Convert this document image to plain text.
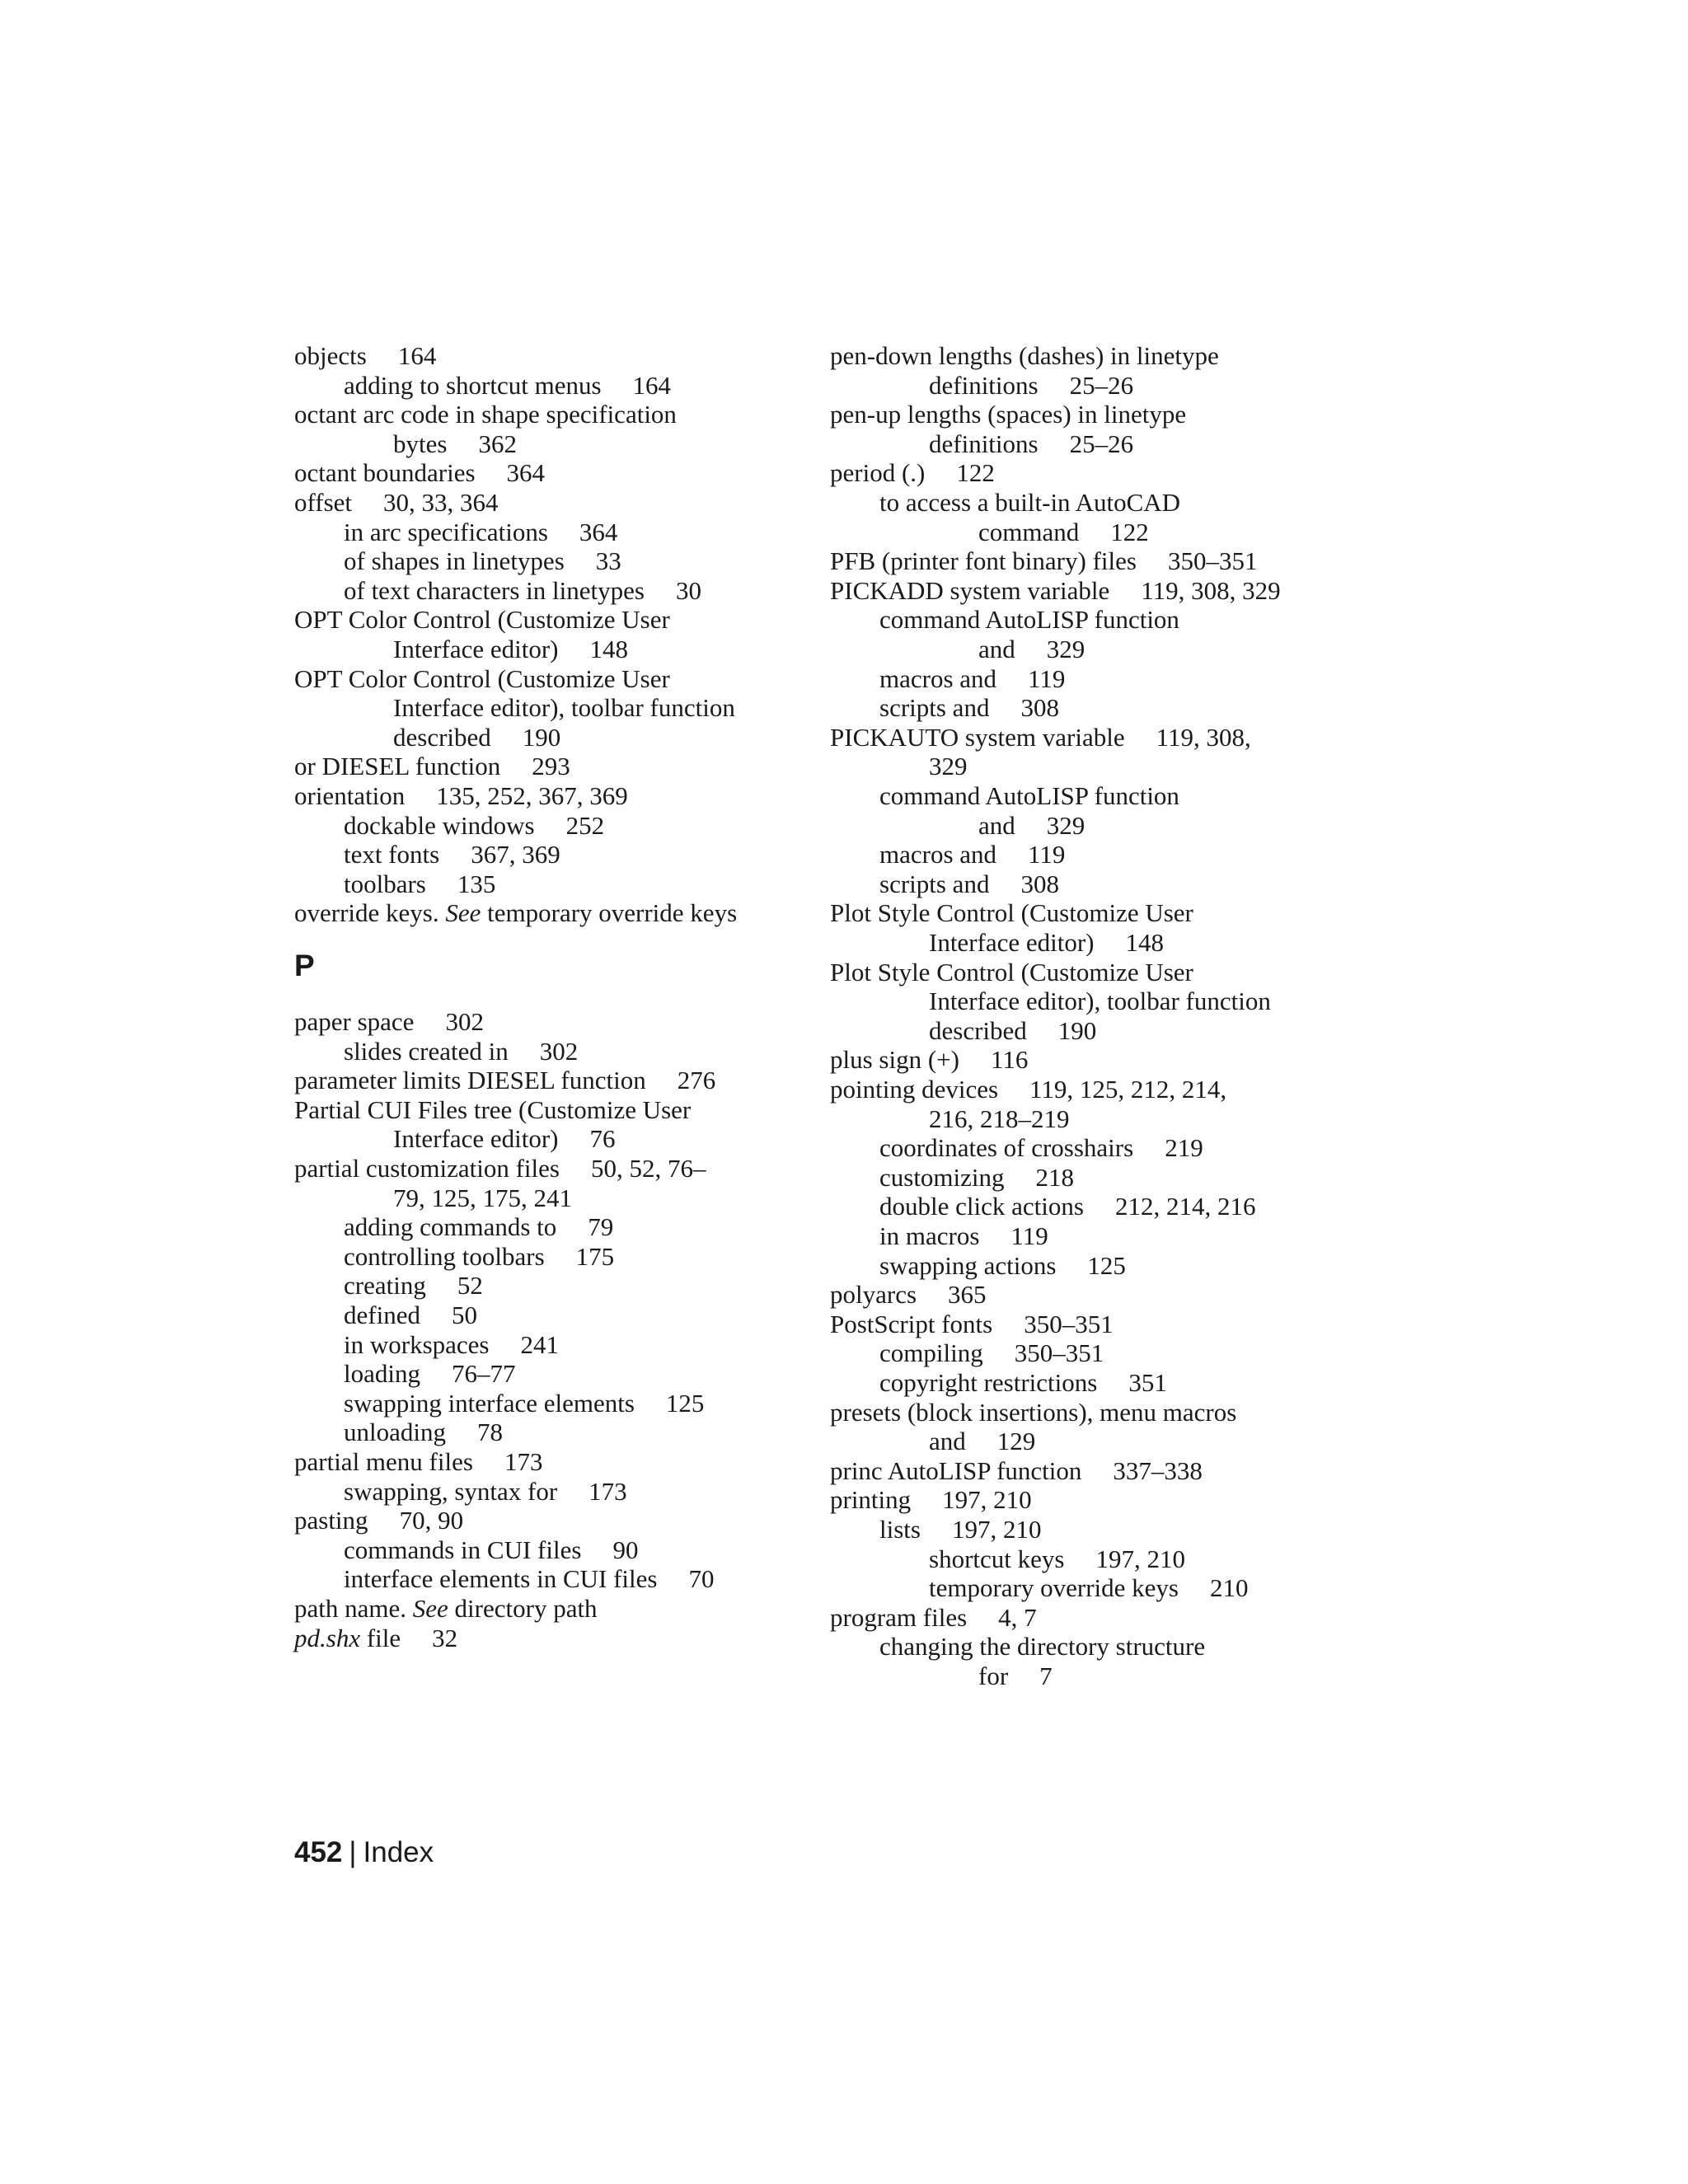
objects 164
adding to shortcut menus 164
octant arc code in shape specification
bytes 362
octant boundaries 364
offset 30, 33, 364
in arc specifications 364
of shapes in linetypes 33
of text characters in linetypes 30
OPT Color Control (Customize User
Interface editor) 148
OPT Color Control (Customize User
Interface editor), toolbar function
described 190
or DIESEL function 293
orientation 135, 252, 367, 369
dockable windows 252
text fonts 367, 369
toolbars 135
override keys. See temporary override keys
P
paper space 302
slides created in 302
parameter limits DIESEL function 276
Partial CUI Files tree (Customize User
Interface editor) 76
partial customization files 50, 52, 76–
79, 125, 175, 241
adding commands to 79
controlling toolbars 175
creating 52
defined 50
in workspaces 241
loading 76–77
swapping interface elements 125
unloading 78
partial menu files 173
swapping, syntax for 173
pasting 70, 90
commands in CUI files 90
interface elements in CUI files 70
path name. See directory path
pd.shx file 32
pen-down lengths (dashes) in linetype
definitions 25–26
pen-up lengths (spaces) in linetype
definitions 25–26
period (.) 122
to access a built-in AutoCAD
command 122
PFB (printer font binary) files 350–351
PICKADD system variable 119, 308, 329
command AutoLISP function
and 329
macros and 119
scripts and 308
PICKAUTO system variable 119, 308,
329
command AutoLISP function
and 329
macros and 119
scripts and 308
Plot Style Control (Customize User
Interface editor) 148
Plot Style Control (Customize User
Interface editor), toolbar function
described 190
plus sign (+) 116
pointing devices 119, 125, 212, 214,
216, 218–219
coordinates of crosshairs 219
customizing 218
double click actions 212, 214, 216
in macros 119
swapping actions 125
polyarcs 365
PostScript fonts 350–351
compiling 350–351
copyright restrictions 351
presets (block insertions), menu macros
and 129
princ AutoLISP function 337–338
printing 197, 210
lists 197, 210
shortcut keys 197, 210
temporary override keys 210
program files 4, 7
changing the directory structure
for 7
452 | Index
